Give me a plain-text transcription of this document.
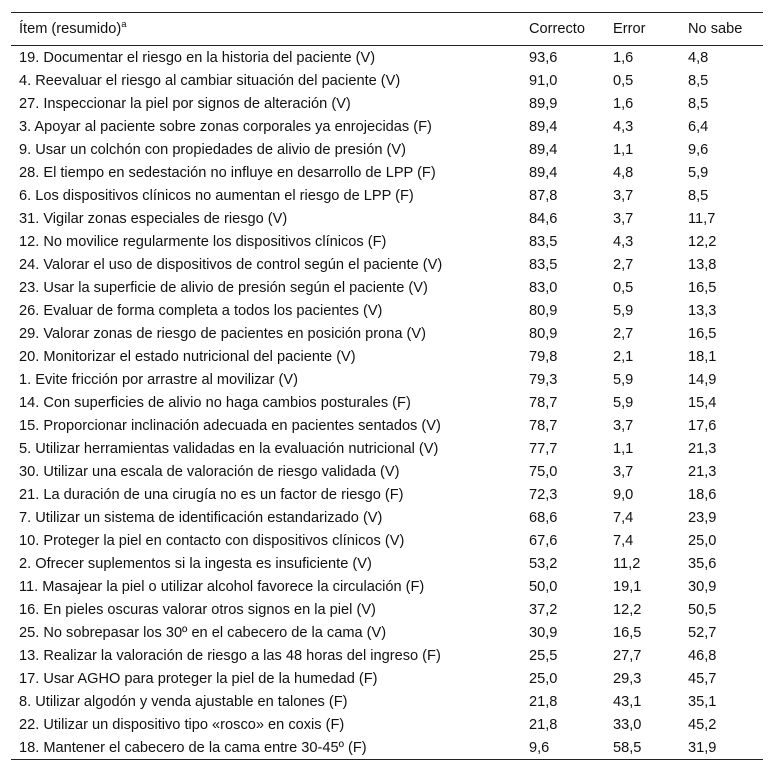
Ítem (resumido)$^a$	Correcto	Error	No sabe
19. Documentar el riesgo en la historia del paciente (V)	93,6	1,6	4,8
4. Reevaluar el riesgo al cambiar situación del paciente (V)	91,0	0,5	8,5
27. Inspeccionar la piel por signos de alteración (V)	89,9	1,6	8,5
3. Apoyar al paciente sobre zonas corporales ya enrojecidas (F)	89,4	4,3	6,4
9. Usar un colchón con propiedades de alivio de presión (V)	89,4	1,1	9,6
28. El tiempo en sedestación no influye en desarrollo de LPP (F)	89,4	4,8	5,9
6. Los dispositivos clínicos no aumentan el riesgo de LPP (F)	87,8	3,7	8,5
31. Vigilar zonas especiales de riesgo (V)	84,6	3,7	11,7
12. No movilice regularmente los dispositivos clínicos (F)	83,5	4,3	12,2
24. Valorar el uso de dispositivos de control según el paciente (V)	83,5	2,7	13,8
23. Usar la superficie de alivio de presión según el paciente (V)	83,0	0,5	16,5
26. Evaluar de forma completa a todos los pacientes (V)	80,9	5,9	13,3
29. Valorar zonas de riesgo de pacientes en posición prona (V)	80,9	2,7	16,5
20. Monitorizar el estado nutricional del paciente (V)	79,8	2,1	18,1
1. Evite fricción por arrastre al movilizar (V)	79,3	5,9	14,9
14. Con superficies de alivio no haga cambios posturales (F)	78,7	5,9	15,4
15. Proporcionar inclinación adecuada en pacientes sentados (V)	78,7	3,7	17,6
5. Utilizar herramientas validadas en la evaluación nutricional (V)	77,7	1,1	21,3
30. Utilizar una escala de valoración de riesgo validada (V)	75,0	3,7	21,3
21. La duración de una cirugía no es un factor de riesgo (F)	72,3	9,0	18,6
7. Utilizar un sistema de identificación estandarizado (V)	68,6	7,4	23,9
10. Proteger la piel en contacto con dispositivos clínicos (V)	67,6	7,4	25,0
2. Ofrecer suplementos si la ingesta es insuficiente (V)	53,2	11,2	35,6
11. Masajear la piel o utilizar alcohol favorece la circulación (F)	50,0	19,1	30,9
16. En pieles oscuras valorar otros signos en la piel (V)	37,2	12,2	50,5
25. No sobrepasar los 30º en el cabecero de la cama (V)	30,9	16,5	52,7
13. Realizar la valoración de riesgo a las 48 horas del ingreso (F)	25,5	27,7	46,8
17. Usar AGHO para proteger la piel de la humedad (F)	25,0	29,3	45,7
8. Utilizar algodón y venda ajustable en talones (F)	21,8	43,1	35,1
22. Utilizar un dispositivo tipo «rosco» en coxis (F)	21,8	33,0	45,2
18. Mantener el cabecero de la cama entre 30-45º (F)	9,6	58,5	31,9
